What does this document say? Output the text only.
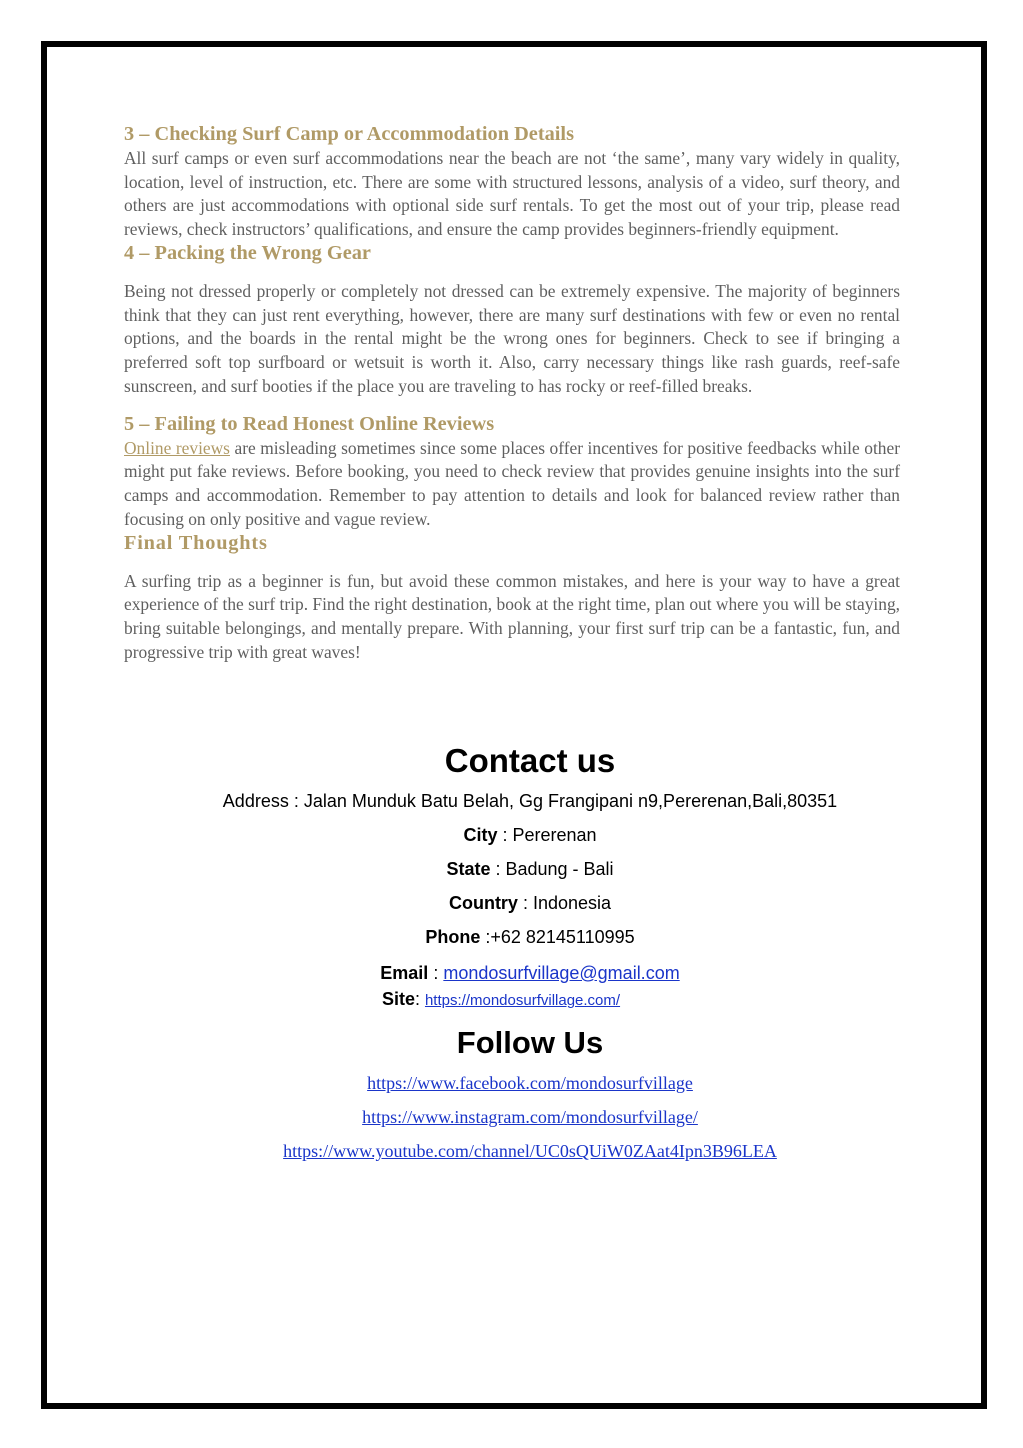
3 – Checking Surf Camp or Accommodation Details

All surf camps or even surf accommodations near the beach are not ‘the same’, many vary widely in quality, location, level of instruction, etc. There are some with structured lessons, analysis of a video, surf theory, and others are just accommodations with optional side surf rentals. To get the most out of your trip, please read reviews, check instructors’ qualifications, and ensure the camp provides beginners-friendly equipment.

4 – Packing the Wrong Gear

Being not dressed properly or completely not dressed can be extremely expensive. The majority of beginners think that they can just rent everything, however, there are many surf destinations with few or even no rental options, and the boards in the rental might be the wrong ones for beginners. Check to see if bringing a preferred soft top surfboard or wetsuit is worth it. Also, carry necessary things like rash guards, reef-safe sunscreen, and surf booties if the place you are traveling to has rocky or reef-filled breaks.

5 – Failing to Read Honest Online Reviews

Online reviews are misleading sometimes since some places offer incentives for positive feedbacks while other might put fake reviews. Before booking, you need to check review that provides genuine insights into the surf camps and accommodation. Remember to pay attention to details and look for balanced review rather than focusing on only positive and vague review.

Final Thoughts

A surfing trip as a beginner is fun, but avoid these common mistakes, and here is your way to have a great experience of the surf trip. Find the right destination, book at the right time, plan out where you will be staying, bring suitable belongings, and mentally prepare. With planning, your first surf trip can be a fantastic, fun, and progressive trip with great waves!

Contact us

Address : Jalan Munduk Batu Belah, Gg Frangipani n9,Pererenan,Bali,80351

City : Pererenan

State : Badung - Bali

Country : Indonesia

Phone :+62 82145110995

Email : mondosurfvillage@gmail.com

Site: https://mondosurfvillage.com/

Follow Us

https://www.facebook.com/mondosurfvillage

https://www.instagram.com/mondosurfvillage/

https://www.youtube.com/channel/UC0sQUiW0ZAat4Ipn3B96LEA
